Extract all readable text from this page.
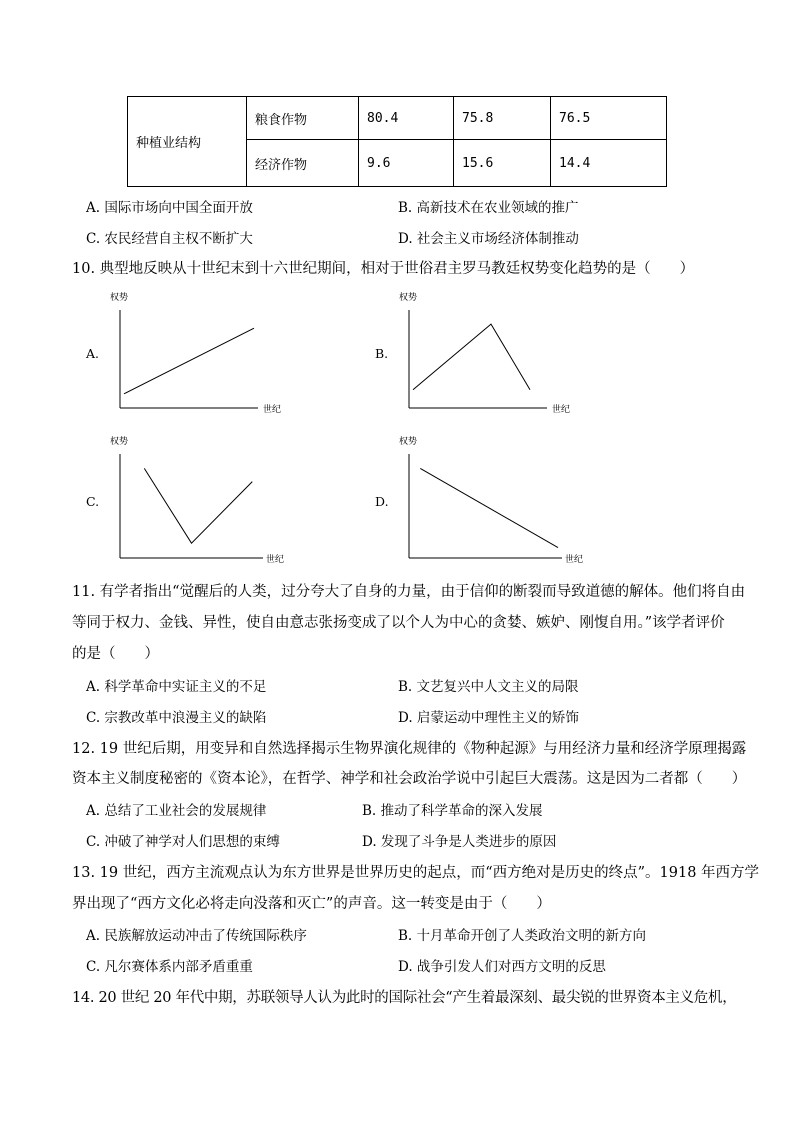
种植业结构	粮食作物	80.4	75.8	76.5
	经济作物	9.6	15.6	14.4
A. 国际市场向中国全面开放	B. 高新技术在农业领域的推广
C. 农民经营自主权不断扩大	D. 社会主义市场经济体制推动
10. 典型地反映从十世纪末到十六世纪期间，相对于世俗君主罗马教廷权势变化趋势的是（　　）
A.	B.
C.	D.
权势
世纪
权势
世纪
权势
世纪
权势
世纪
11. 有学者指出“觉醒后的人类，过分夸大了自身的力量，由于信仰的断裂而导致道德的解体。他们将自由
等同于权力、金钱、异性，使自由意志张扬变成了以个人为中心的贪婪、嫉妒、刚愎自用。”该学者评价
的是（　　）
A. 科学革命中实证主义的不足	B. 文艺复兴中人文主义的局限
C. 宗教改革中浪漫主义的缺陷	D. 启蒙运动中理性主义的矫饰
12. 19 世纪后期，用变异和自然选择揭示生物界演化规律的《物种起源》与用经济力量和经济学原理揭露
资本主义制度秘密的《资本论》，在哲学、神学和社会政治学说中引起巨大震荡。这是因为二者都（　　）
A. 总结了工业社会的发展规律	B. 推动了科学革命的深入发展
C. 冲破了神学对人们思想的束缚	D. 发现了斗争是人类进步的原因
13. 19 世纪，西方主流观点认为东方世界是世界历史的起点，而“西方绝对是历史的终点”。1918 年西方学
界出现了“西方文化必将走向没落和灭亡”的声音。这一转变是由于（　　）
A. 民族解放运动冲击了传统国际秩序	B. 十月革命开创了人类政治文明的新方向
C. 凡尔赛体系内部矛盾重重	D. 战争引发人们对西方文明的反思
14. 20 世纪 20 年代中期，苏联领导人认为此时的国际社会“产生着最深刻、最尖锐的世界资本主义危机，
